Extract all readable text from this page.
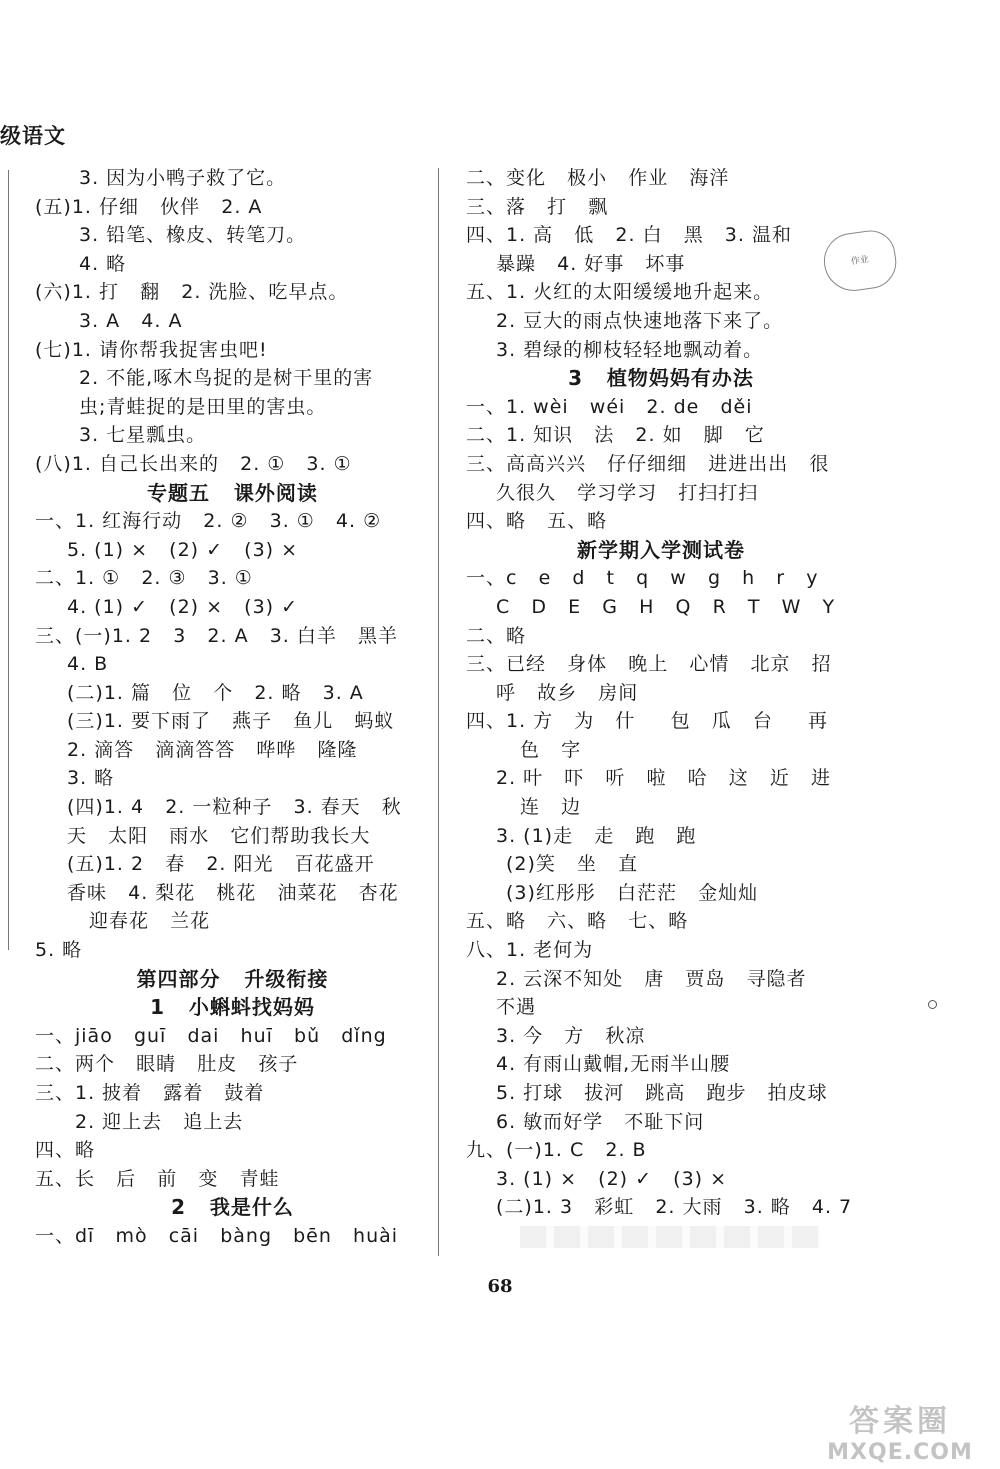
级语文
3. 因为小鸭子救了它。
(五)1. 仔细   伙伴   2. A
3. 铅笔、橡皮、转笔刀。
4. 略
(六)1. 打   翻   2. 洗脸、吃早点。
3. A   4. A
(七)1. 请你帮我捉害虫吧!
2. 不能,啄木鸟捉的是树干里的害
虫;青蛙捉的是田里的害虫。
3. 七星瓢虫。
(八)1. 自己长出来的   2. ①   3. ①
专题五   课外阅读
一、1. 红海行动   2. ②   3. ①   4. ②
5. (1) ×   (2) ✓   (3) ×
二、1. ①   2. ③   3. ①
4. (1) ✓   (2) ×   (3) ✓
三、(一)1. 2   3   2. A   3. 白羊   黑羊
4. B
(二)1. 篇   位   个   2. 略   3. A
(三)1. 要下雨了   燕子   鱼儿   蚂蚁
2. 滴答   滴滴答答   哗哗   隆隆
3. 略
(四)1. 4   2. 一粒种子   3. 春天   秋
天   太阳   雨水   它们帮助我长大
(五)1. 2   春   2. 阳光   百花盛开
香味   4. 梨花   桃花   油菜花   杏花
迎春花   兰花
5. 略
第四部分   升级衔接
1   小蝌蚪找妈妈
一、jiāo   guī   dai   huī   bǔ   dǐng
二、两个   眼睛   肚皮   孩子
三、1. 披着   露着   鼓着
2. 迎上去   追上去
四、略
五、长   后   前   变   青蛙
2   我是什么
一、dī   mò   cāi   bàng   bēn   huài
二、变化   极小   作业   海洋
三、落   打   飘
四、1. 高   低   2. 白   黑   3. 温和
暴躁   4. 好事   坏事
五、1. 火红的太阳缓缓地升起来。
2. 豆大的雨点快速地落下来了。
3. 碧绿的柳枝轻轻地飘动着。
3   植物妈妈有办法
一、1. wèi   wéi   2. de   děi
二、1. 知识   法   2. 如   脚   它
三、高高兴兴   仔仔细细   进进出出   很
久很久   学习学习   打扫打扫
四、略   五、略
新学期入学测试卷
一、c   e   d   t   q   w   g   h   r   y
C   D   E   G   H   Q   R   T   W   Y
二、略
三、已经   身体   晚上   心情   北京   招
呼   故乡   房间
四、1. 方   为   什     包   瓜   台     再
色   字
2. 叶   吓   听   啦   哈   这   近   进
连   边
3. (1)走   走   跑   跑
(2)笑   坐   直
(3)红彤彤   白茫茫   金灿灿
五、略   六、略   七、略
八、1. 老何为
2. 云深不知处   唐   贾岛   寻隐者
不遇
3. 今   方   秋凉
4. 有雨山戴帽,无雨半山腰
5. 打球   拔河   跳高   跑步   拍皮球
6. 敏而好学   不耻下问
九、(一)1. C   2. B
3. (1) ×   (2) ✓   (3) ×
(二)1. 3   彩虹   2. 大雨   3. 略   4. 7
作业
68
答案圈
MXQE.COM
